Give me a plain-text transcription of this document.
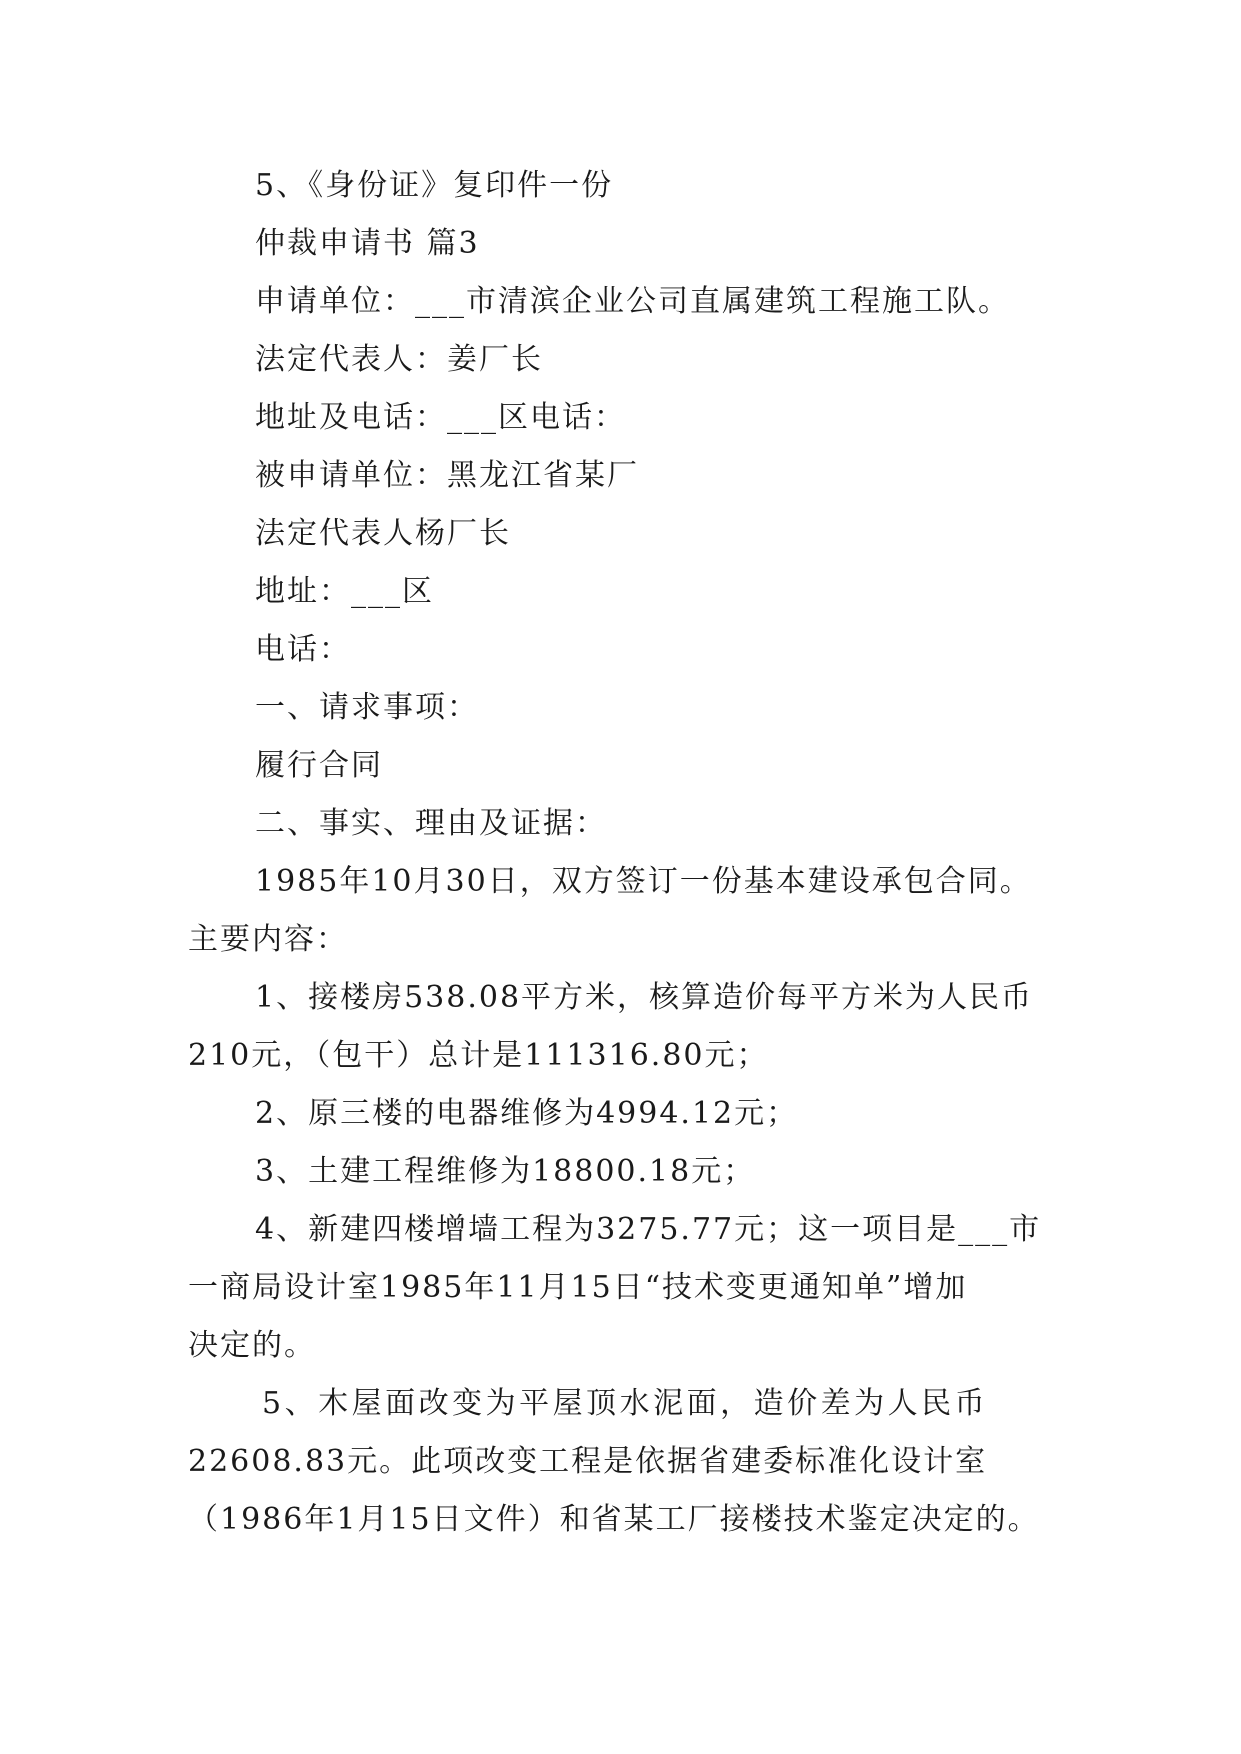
5、《身份证》复印件一份

仲裁申请书 篇3

申请单位：___市清滨企业公司直属建筑工程施工队。

法定代表人：姜厂长

地址及电话：___区电话：

被申请单位：黑龙江省某厂

法定代表人杨厂长

地址：___区

电话：

一、请求事项：

履行合同

二、事实、理由及证据：

1985年10月30日，双方签订一份基本建设承包合同。

主要内容：

1、接楼房538.08平方米，核算造价每平方米为人民币

210元，（包干）总计是111316.80元；

2、原三楼的电器维修为4994.12元；

3、土建工程维修为18800.18元；

4、新建四楼增墙工程为3275.77元；这一项目是___市

一商局设计室1985年11月15日“技术变更通知单”增加

决定的。

5、木屋面改变为平屋顶水泥面，造价差为人民币

22608.83元。此项改变工程是依据省建委标准化设计室

（1986年1月15日文件）和省某工厂接楼技术鉴定决定的。
